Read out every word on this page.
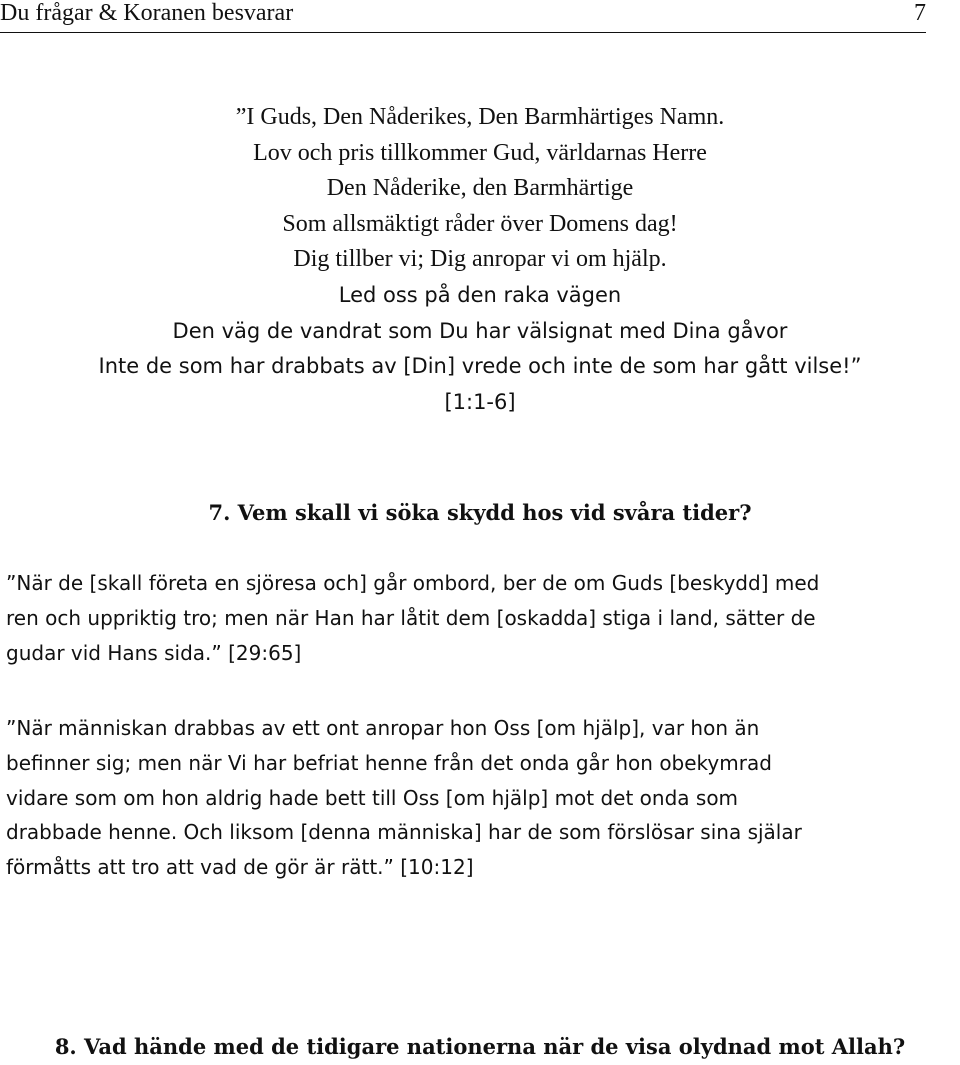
Du frågar & Koranen besvarar	7
”I Guds, Den Nåderikes, Den Barmhärtiges Namn.
Lov och pris tillkommer Gud, världarnas Herre
Den Nåderike, den Barmhärtige
Som allsmäktigt råder över Domens dag!
Dig tillber vi; Dig anropar vi om hjälp.
Led oss på den raka vägen
Den väg de vandrat som Du har välsignat med Dina gåvor
Inte de som har drabbats av [Din] vrede och inte de som har gått vilse!”
[1:1-6]
7. Vem skall vi söka skydd hos vid svåra tider?
”När de [skall företa en sjöresa och] går ombord, ber de om Guds [beskydd] med
ren och uppriktig tro; men när Han har låtit dem [oskadda] stiga i land, sätter de
gudar vid Hans sida.” [29:65]
”När människan drabbas av ett ont anropar hon Oss [om hjälp], var hon än
befinner sig; men när Vi har befriat henne från det onda går hon obekymrad
vidare som om hon aldrig hade bett till Oss [om hjälp] mot det onda som
drabbade henne. Och liksom [denna människa] har de som förslösar sina själar
förmåtts att tro att vad de gör är rätt.” [10:12]
8. Vad hände med de tidigare nationerna när de visa olydnad mot Allah?
